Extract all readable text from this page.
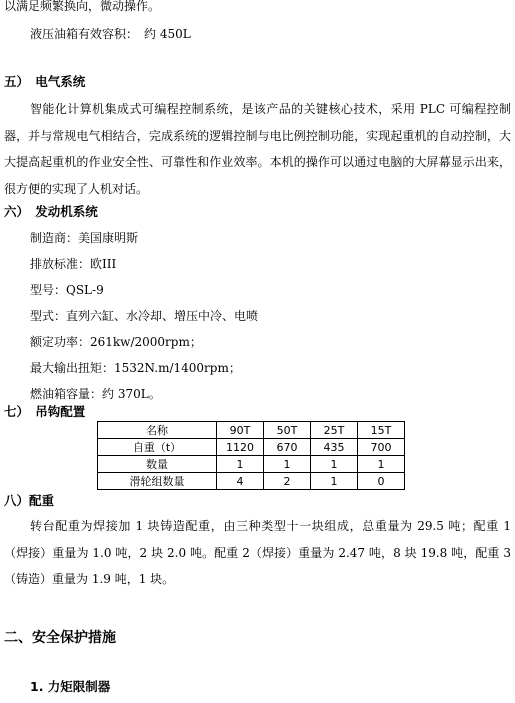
以满足频繁换向，微动操作。
液压油箱有效容积：　约 450L
五）　电气系统
智能化计算机集成式可编程控制系统，是该产品的关键核心技术，采用 PLC 可编程控制器，并与常规电气相结合，完成系统的逻辑控制与电比例控制功能，实现起重机的自动控制，大大提高起重机的作业安全性、可靠性和作业效率。本机的操作可以通过电脑的大屏幕显示出来，很方便的实现了人机对话。
六）　发动机系统
制造商：美国康明斯
排放标准：欧III
型号：QSL-9
型式：直列六缸、水冷却、增压中冷、电喷
额定功率：261kw/2000rpm；
最大输出扭矩：1532N.m/1400rpm；
燃油箱容量：约 370L。
七）　吊钩配置
名称	90T	50T	25T	15T
自重（t）	1120	670	435	700
数量	1	1	1	1
滑轮组数量	4	2	1	0
八）配重
转台配重为焊接加 1 块铸造配重，由三种类型十一块组成，总重量为 29.5 吨；配重 1（焊接）重量为 1.0 吨，2 块 2.0 吨。配重 2（焊接）重量为 2.47 吨，8 块 19.8 吨，配重 3（铸造）重量为 1.9 吨，1 块。
二、安全保护措施
1. 力矩限制器
